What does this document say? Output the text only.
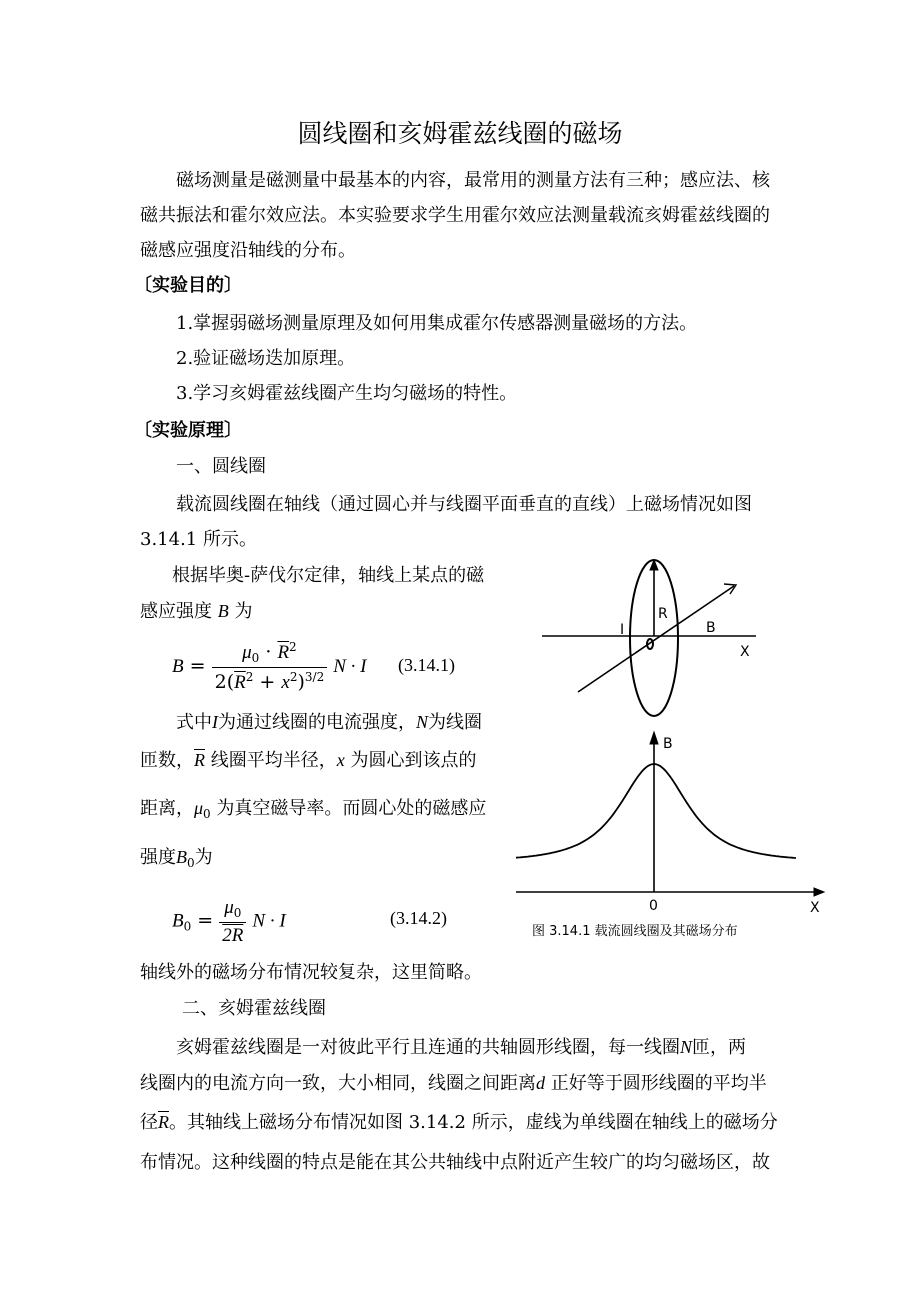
圆线圈和亥姆霍兹线圈的磁场
磁场测量是磁测量中最基本的内容，最常用的测量方法有三种；感应法、核
磁共振法和霍尔效应法。本实验要求学生用霍尔效应法测量载流亥姆霍兹线圈的
磁感应强度沿轴线的分布。
〔实验目的〕
1.掌握弱磁场测量原理及如何用集成霍尔传感器测量磁场的方法。
2.验证磁场迭加原理。
3.学习亥姆霍兹线圈产生均匀磁场的特性。
〔实验原理〕
一、圆线圈
载流圆线圈在轴线（通过圆心并与线圈平面垂直的直线）上磁场情况如图
3.14.1 所示。
根据毕奥-萨伐尔定律，轴线上某点的磁
感应强度 B 为
$B = \frac{\mu_0 \cdot \overline{R}^2}{2(\overline{R}^2 + x^2)^{3/2}}$ N · I (3.14.1)
式中I为通过线圈的电流强度，N为线圈
匝数，$\overline{R}$ 线圈平均半径，x 为圆心到该点的
距离，$\mu_0$ 为真空磁导率。而圆心处的磁感应
强度$B_0$为
$B_0 = \frac{\mu_0}{2R}$ N · I	(3.14.2)
轴线外的磁场分布情况较复杂，这里简略。
二、亥姆霍兹线圈
亥姆霍兹线圈是一对彼此平行且连通的共轴圆形线圈，每一线圈N匝，两
线圈内的电流方向一致，大小相同，线圈之间距离d 正好等于圆形线圈的平均半
径$\overline{R}$。其轴线上磁场分布情况如图 3.14.2 所示，虚线为单线圈在轴线上的磁场分
布情况。这种线圈的特点是能在其公共轴线中点附近产生较广的均匀磁场区，故
I
R
B
X
B
0	X
图 3.14.1 载流圆线圈及其磁场分布
